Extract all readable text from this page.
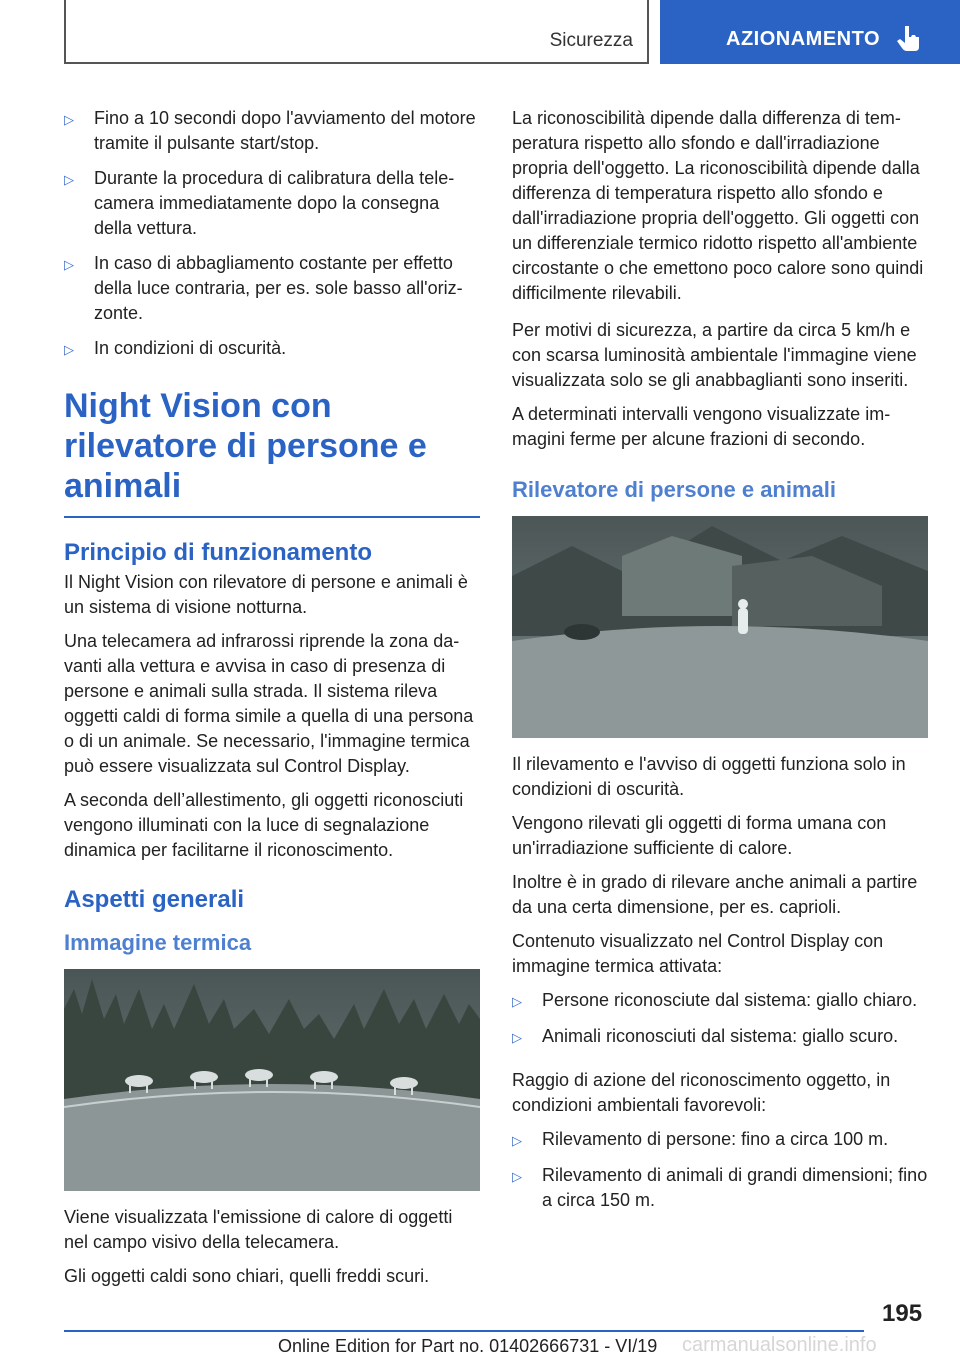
Sicurezza	AZIONAMENTO
▷	Fino a 10 secondi dopo l'avviamento del motore tramite il pulsante start/stop.
▷	Durante la procedura di calibratura della telecamera immediatamente dopo la consegna della vettura.
▷	In caso di abbagliamento costante per effetto della luce contraria, per es. sole basso all'orizzonte.
▷	In condizioni di oscurità.
Night Vision con rilevatore di persone e animali
Principio di funzionamento

Il Night Vision con rilevatore di persone e animali è un sistema di visione notturna.

Una telecamera ad infrarossi riprende la zona davanti alla vettura e avvisa in caso di presenza di persone e animali sulla strada. Il sistema rileva oggetti caldi di forma simile a quella di una persona o di un animale. Se necessario, l'immagine termica può essere visualizzata sul Control Display.

A seconda dell’allestimento, gli oggetti riconosciuti vengono illuminati con la luce di segnalazione dinamica per facilitarne il riconoscimento.

Aspetti generali
Immagine termica

Viene visualizzata l'emissione di calore di oggetti nel campo visivo della telecamera.

Gli oggetti caldi sono chiari, quelli freddi scuri.

La riconoscibilità dipende dalla differenza di temperatura rispetto allo sfondo e dall'irradiazione propria dell'oggetto. La riconoscibilità dipende dalla differenza di temperatura rispetto allo sfondo e dall'irradiazione propria dell'oggetto. Gli oggetti con un differenziale termico ridotto rispetto all'ambiente circostante o che emettono poco calore sono quindi difficilmente rilevabili.

Per motivi di sicurezza, a partire da circa 5 km/h e con scarsa luminosità ambientale l'immagine viene visualizzata solo se gli anabbaglianti sono inseriti.

A determinati intervalli vengono visualizzate immagini ferme per alcune frazioni di secondo.

Rilevatore di persone e animali

Il rilevamento e l'avviso di oggetti funziona solo in condizioni di oscurità.

Vengono rilevati gli oggetti di forma umana con un'irradiazione sufficiente di calore.

Inoltre è in grado di rilevare anche animali a partire da una certa dimensione, per es. caprioli.

Contenuto visualizzato nel Control Display con immagine termica attivata:

▷	Persone riconosciute dal sistema: giallo chiaro.
▷	Animali riconosciuti dal sistema: giallo scuro.

Raggio di azione del riconoscimento oggetto, in condizioni ambientali favorevoli:

▷	Rilevamento di persone: fino a circa 100 m.
▷	Rilevamento di animali di grandi dimensioni; fino a circa 150 m.
195
Online Edition for Part no. 01402666731 - VI/19 carmanualsonline.info
